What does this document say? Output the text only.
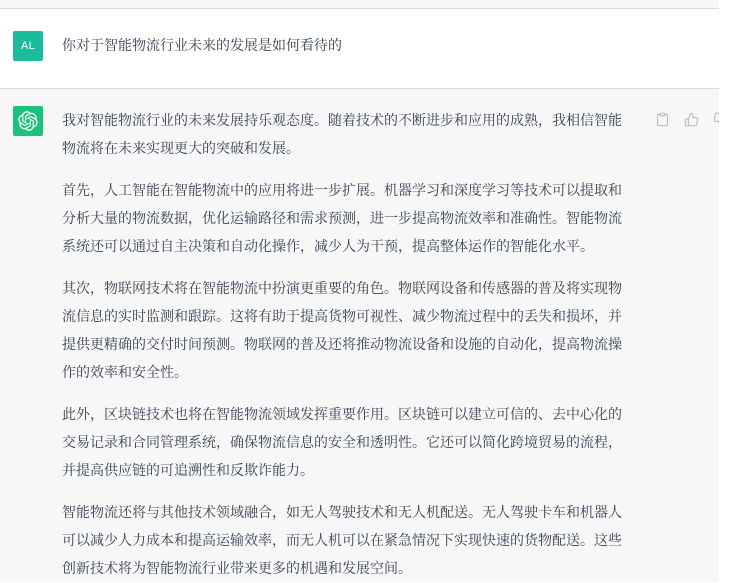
AL 你对于智能物流行业未来的发展是如何看待的

我对智能物流行业的未来发展持乐观态度。随着技术的不断进步和应用的成熟，我相信智能物流将在未来实现更大的突破和发展。

首先，人工智能在智能物流中的应用将进一步扩展。机器学习和深度学习等技术可以提取和分析大量的物流数据，优化运输路径和需求预测，进一步提高物流效率和准确性。智能物流系统还可以通过自主决策和自动化操作，减少人为干预，提高整体运作的智能化水平。

其次，物联网技术将在智能物流中扮演更重要的角色。物联网设备和传感器的普及将实现物流信息的实时监测和跟踪。这将有助于提高货物可视性、减少物流过程中的丢失和损坏，并提供更精确的交付时间预测。物联网的普及还将推动物流设备和设施的自动化，提高物流操作的效率和安全性。

此外，区块链技术也将在智能物流领域发挥重要作用。区块链可以建立可信的、去中心化的交易记录和合同管理系统，确保物流信息的安全和透明性。它还可以简化跨境贸易的流程，并提高供应链的可追溯性和反欺诈能力。

智能物流还将与其他技术领域融合，如无人驾驶技术和无人机配送。无人驾驶卡车和机器人可以减少人力成本和提高运输效率，而无人机可以在紧急情况下实现快速的货物配送。这些创新技术将为智能物流行业带来更多的机遇和发展空间。
